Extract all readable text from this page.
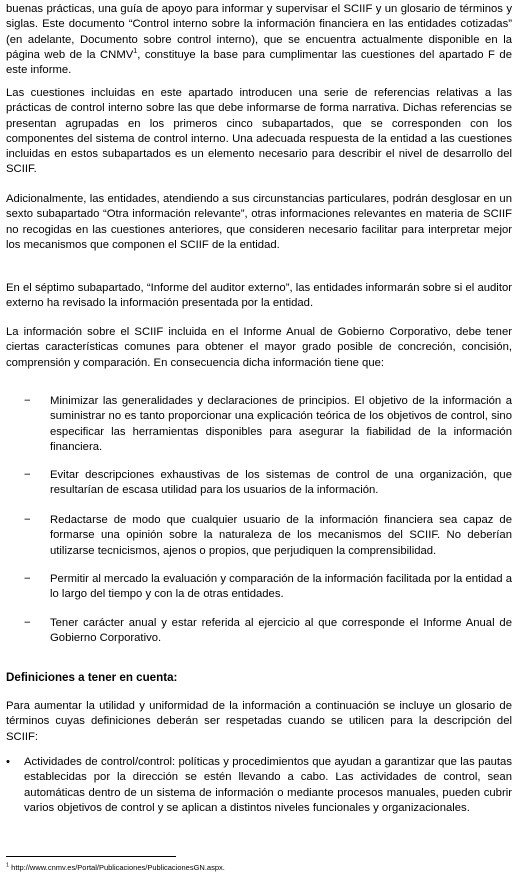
buenas prácticas, una guía de apoyo para informar y supervisar el SCIIF y un glosario de términos y siglas. Este documento “Control interno sobre la información financiera en las entidades cotizadas” (en adelante, Documento sobre control interno), que se encuentra actualmente disponible en la página web de la CNMV$^1$, constituye la base para cumplimentar las cuestiones del apartado F de este informe.
Las cuestiones incluidas en este apartado introducen una serie de referencias relativas a las prácticas de control interno sobre las que debe informarse de forma narrativa. Dichas referencias se presentan agrupadas en los primeros cinco subapartados, que se corresponden con los componentes del sistema de control interno. Una adecuada respuesta de la entidad a las cuestiones incluidas en estos subapartados es un elemento necesario para describir el nivel de desarrollo del SCIIF.
Adicionalmente, las entidades, atendiendo a sus circunstancias particulares, podrán desglosar en un sexto subapartado “Otra información relevante”, otras informaciones relevantes en materia de SCIIF no recogidas en las cuestiones anteriores, que consideren necesario facilitar para interpretar mejor los mecanismos que componen el SCIIF de la entidad.
En el séptimo subapartado, “Informe del auditor externo”, las entidades informarán sobre si el auditor externo ha revisado la información presentada por la entidad.
La información sobre el SCIIF incluida en el Informe Anual de Gobierno Corporativo, debe tener ciertas características comunes para obtener el mayor grado posible de concreción, concisión, comprensión y comparación. En consecuencia dicha información tiene que:
−	Minimizar las generalidades y declaraciones de principios. El objetivo de la información a suministrar no es tanto proporcionar una explicación teórica de los objetivos de control, sino especificar las herramientas disponibles para asegurar la fiabilidad de la información financiera.
−	Evitar descripciones exhaustivas de los sistemas de control de una organización, que resultarían de escasa utilidad para los usuarios de la información.
−	Redactarse de modo que cualquier usuario de la información financiera sea capaz de formarse una opinión sobre la naturaleza de los mecanismos del SCIIF. No deberían utilizarse tecnicismos, ajenos o propios, que perjudiquen la comprensibilidad.
−	Permitir al mercado la evaluación y comparación de la información facilitada por la entidad a lo largo del tiempo y con la de otras entidades.
−	Tener carácter anual y estar referida al ejercicio al que corresponde el Informe Anual de Gobierno Corporativo.
Definiciones a tener en cuenta:
Para aumentar la utilidad y uniformidad de la información a continuación se incluye un glosario de términos cuyas definiciones deberán ser respetadas cuando se utilicen para la descripción del SCIIF:
•	Actividades de control/control: políticas y procedimientos que ayudan a garantizar que las pautas establecidas por la dirección se estén llevando a cabo. Las actividades de control, sean automáticas dentro de un sistema de información o mediante procesos manuales, pueden cubrir varios objetivos de control y se aplican a distintos niveles funcionales y organizacionales.
$^1$ http://www.cnmv.es/Portal/Publicaciones/PublicacionesGN.aspx.
